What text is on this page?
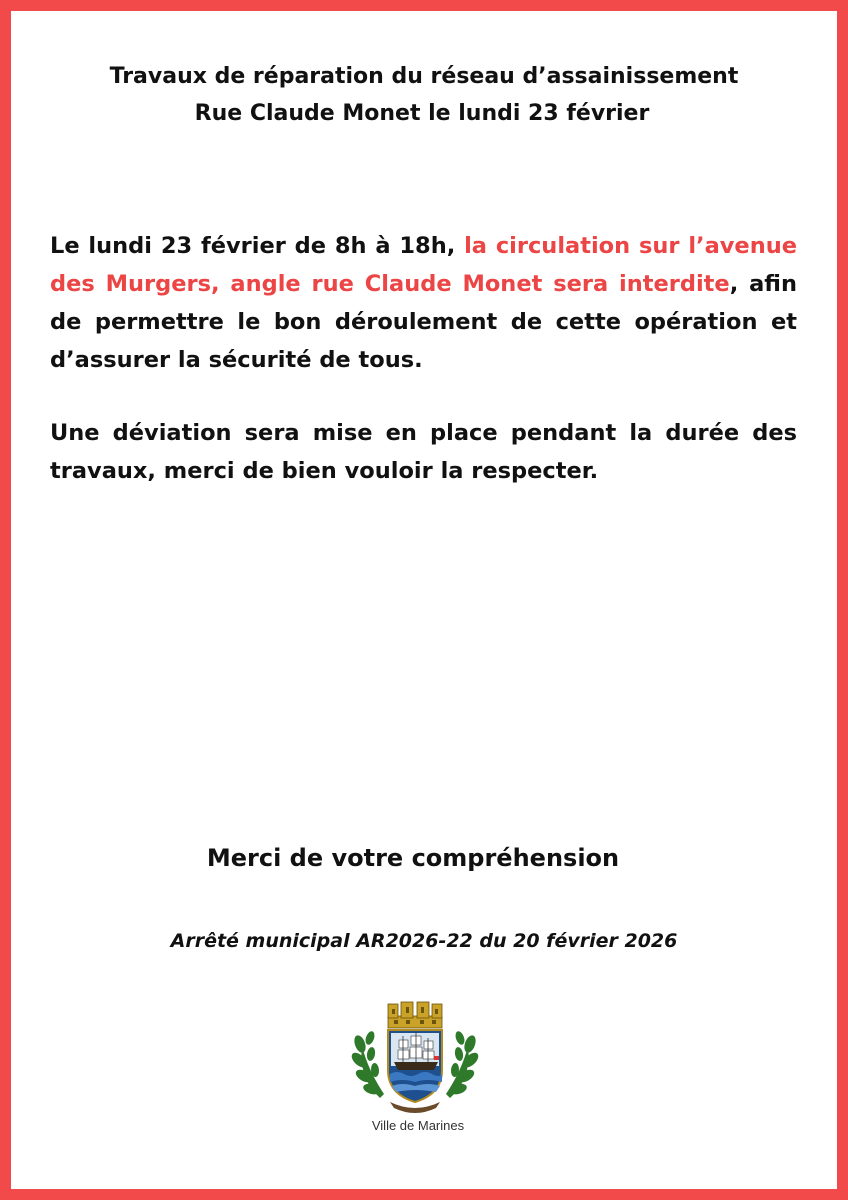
Travaux de réparation du réseau d’assainissement
Rue Claude Monet le lundi 23 février
Le lundi 23 février de 8h à 18h, la circulation sur l’avenue des Murgers, angle rue Claude Monet sera interdite, afin de permettre le bon déroulement de cette opération et d’assurer la sécurité de tous.
Une déviation sera mise en place pendant la durée des travaux, merci de bien vouloir la respecter.
Merci de votre compréhension
Arrêté municipal AR2026-22 du 20 février 2026
Ville de Marines
